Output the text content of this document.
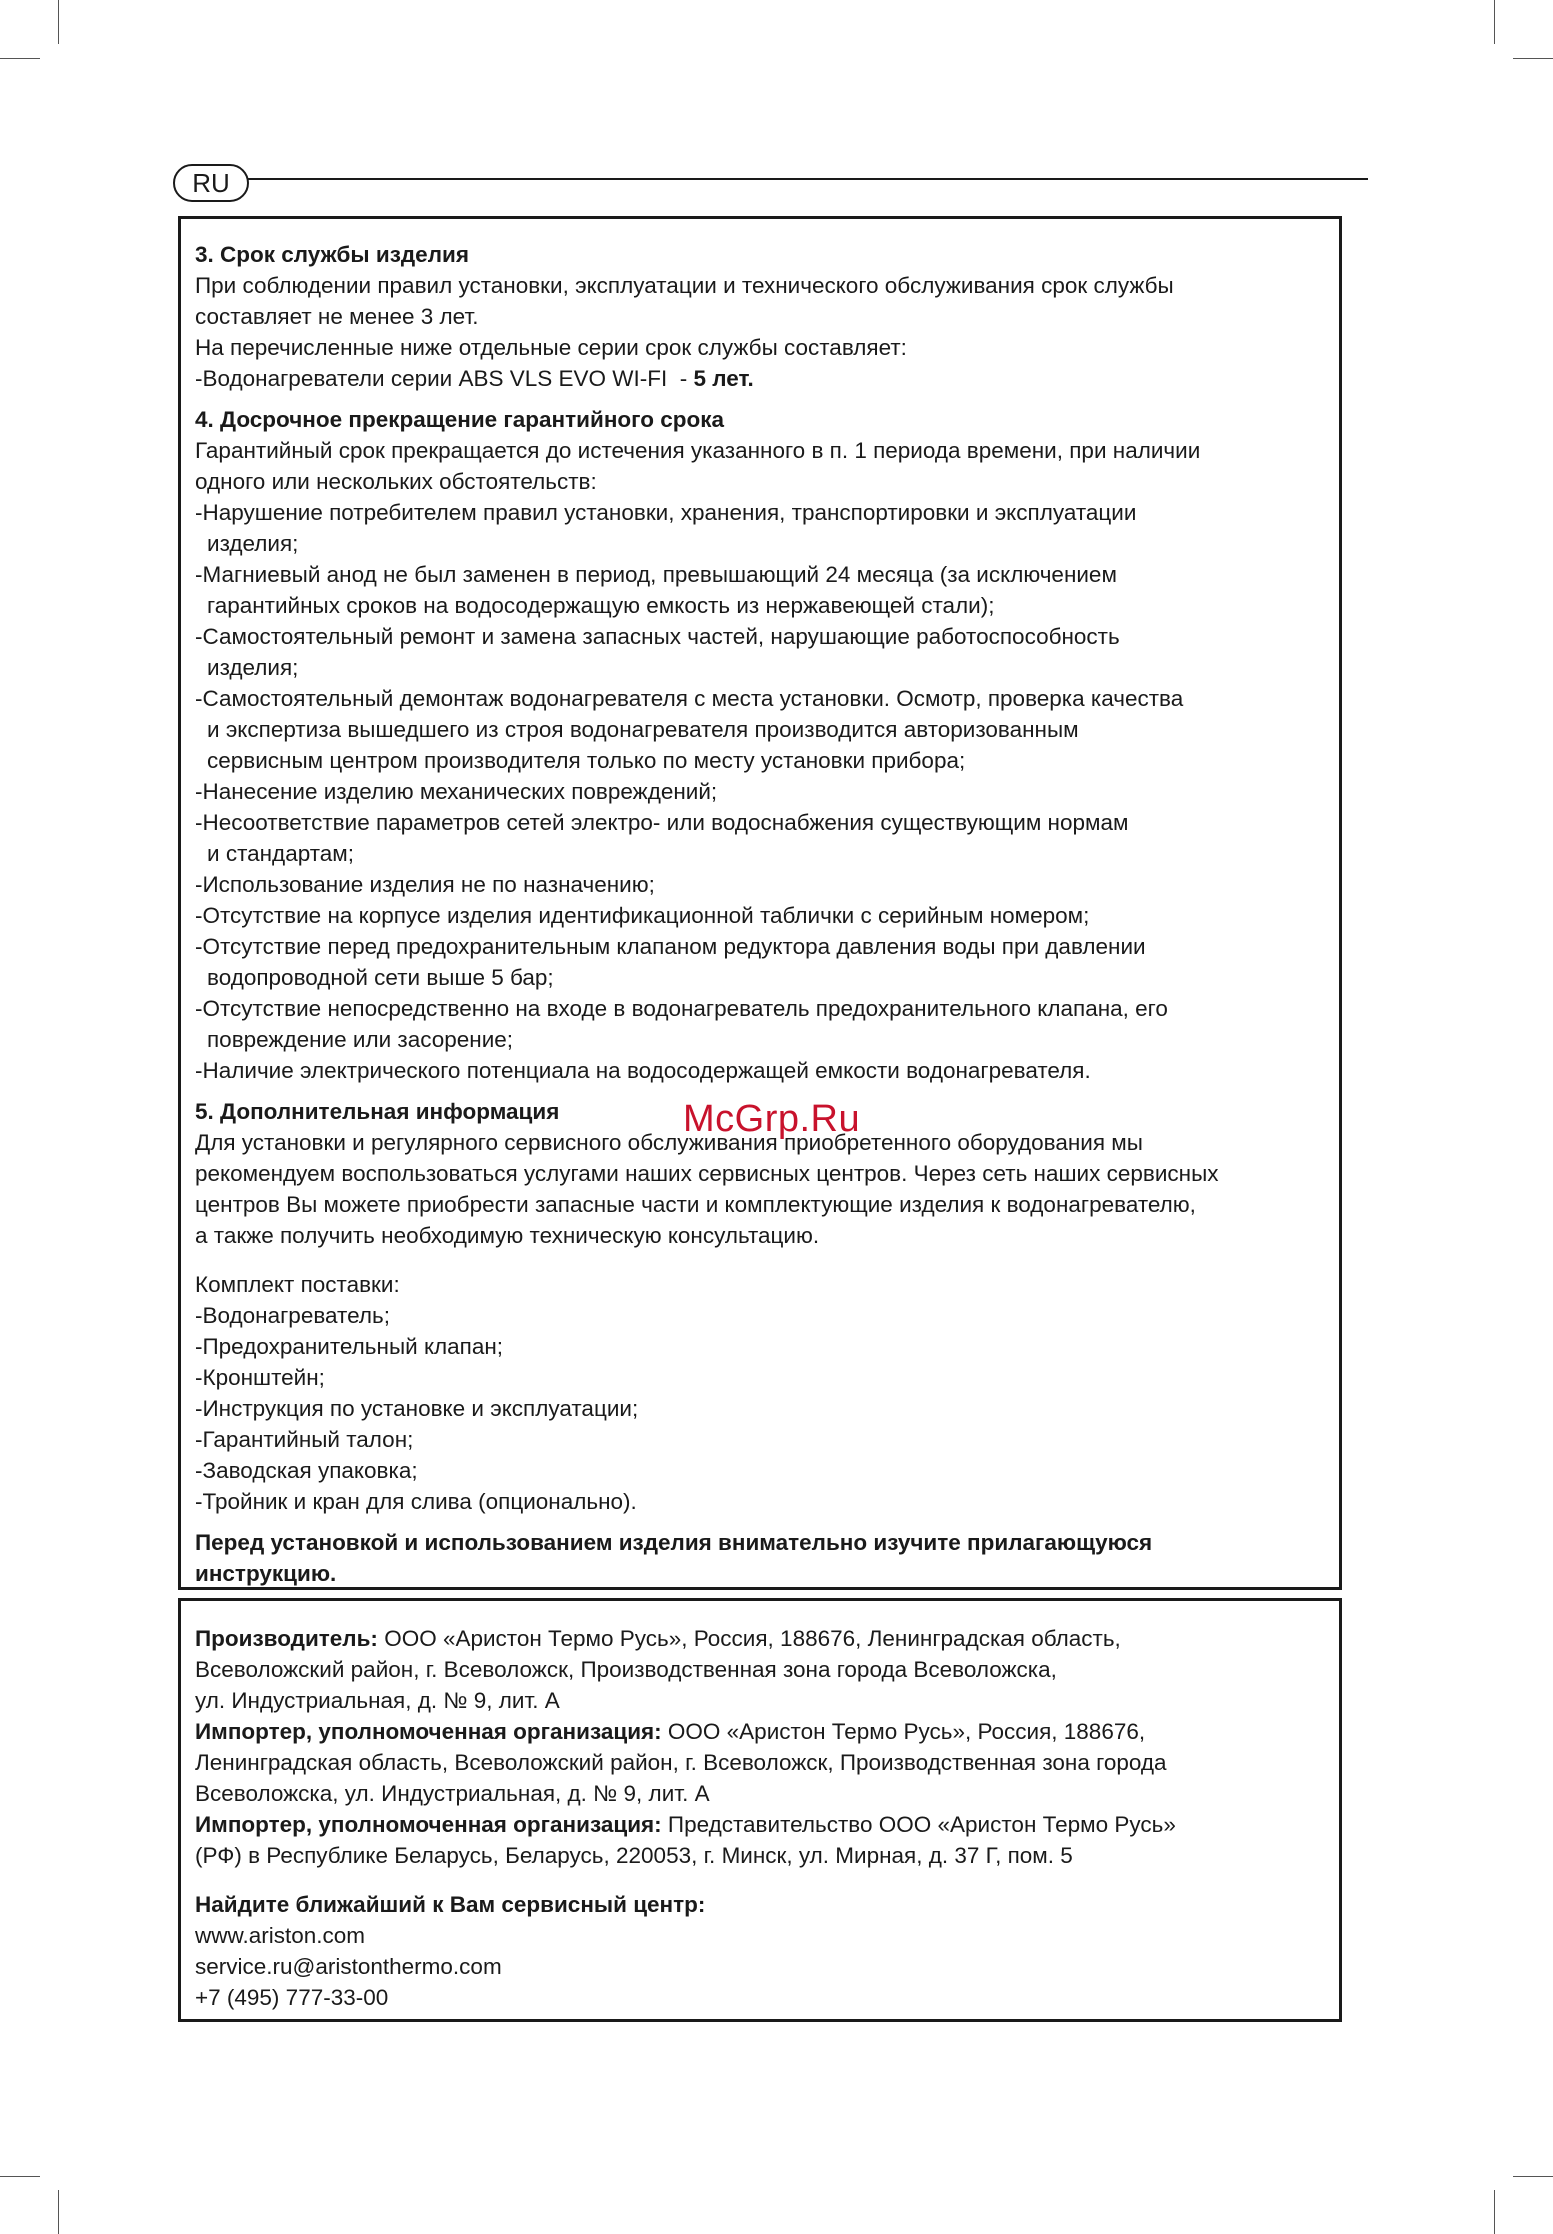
RU
3. Срок службы изделия
При соблюдении правил установки, эксплуатации и технического обслуживания срок службы
составляет не менее 3 лет.
На перечисленные ниже отдельные серии срок службы составляет:
-Водонагреватели серии ABS VLS EVO WI-FI  - 5 лет.
4. Досрочное прекращение гарантийного срока
Гарантийный срок прекращается до истечения указанного в п. 1 периода времени, при наличии
одного или нескольких обстоятельств:
-Нарушение потребителем правил установки, хранения, транспортировки и эксплуатации
изделия;
-Магниевый анод не был заменен в период, превышающий 24 месяца (за исключением
гарантийных сроков на водосодержащую емкость из нержавеющей стали);
-Самостоятельный ремонт и замена запасных частей, нарушающие работоспособность
изделия;
-Самостоятельный демонтаж водонагревателя с места установки. Осмотр, проверка качества
и экспертиза вышедшего из строя водонагревателя производится авторизованным
сервисным центром производителя только по месту установки прибора;
-Нанесение изделию механических повреждений;
-Несоответствие параметров сетей электро- или водоснабжения существующим нормам
и стандартам;
-Использование изделия не по назначению;
-Отсутствие на корпусе изделия идентификационной таблички с серийным номером;
-Отсутствие перед предохранительным клапаном редуктора давления воды при давлении
водопроводной сети выше 5 бар;
-Отсутствие непосредственно на входе в водонагреватель предохранительного клапана, его
повреждение или засорение;
-Наличие электрического потенциала на водосодержащей емкости водонагревателя.
5. Дополнительная информация
Для установки и регулярного сервисного обслуживания приобретенного оборудования мы
рекомендуем воспользоваться услугами наших сервисных центров. Через сеть наших сервисных
центров Вы можете приобрести запасные части и комплектующие изделия к водонагревателю,
а также получить необходимую техническую консультацию.
Комплект поставки:
-Водонагреватель;
-Предохранительный клапан;
-Кронштейн;
-Инструкция по установке и эксплуатации;
-Гарантийный талон;
-Заводская упаковка;
-Тройник и кран для слива (опционально).
Перед установкой и использованием изделия внимательно изучите прилагающуюся
инструкцию.
Производитель: ООО «Аристон Термо Русь», Россия, 188676, Ленинградская область,
Всеволожский район, г. Всеволожск, Производственная зона города Всеволожска,
ул. Индустриальная, д. № 9, лит. А
Импортер, уполномоченная организация: ООО «Аристон Термо Русь», Россия, 188676,
Ленинградская область, Всеволожский район, г. Всеволожск, Производственная зона города
Всеволожска, ул. Индустриальная, д. № 9, лит. А
Импортер, уполномоченная организация: Представительство ООО «Аристон Термо Русь»
(РФ) в Республике Беларусь, Беларусь, 220053, г. Минск, ул. Мирная, д. 37 Г, пом. 5
Найдите ближайший к Вам сервисный центр:
www.ariston.com
service.ru@aristonthermo.com
+7 (495) 777-33-00
McGrp.Ru
